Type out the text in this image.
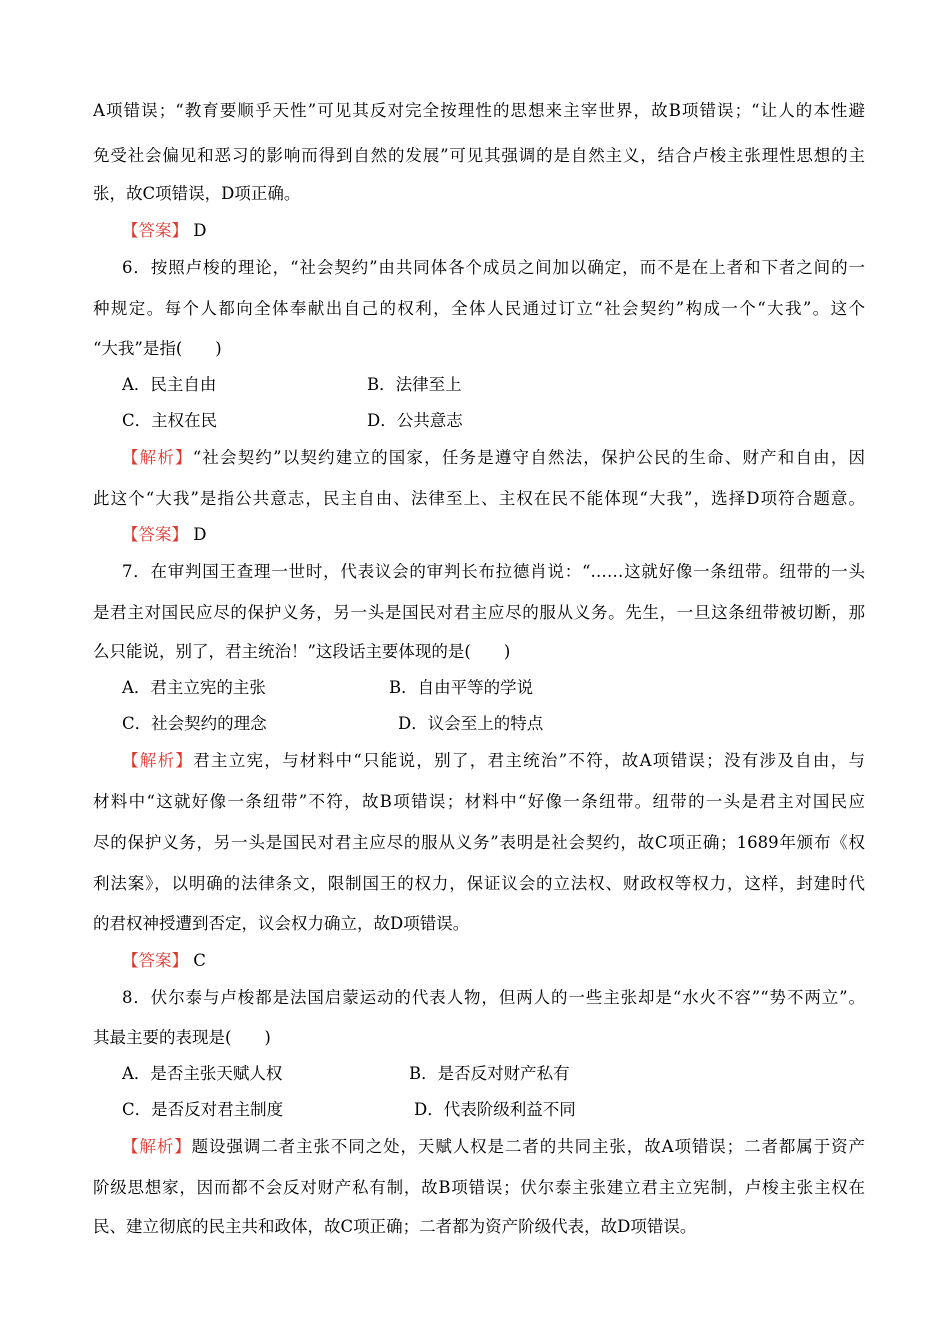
A项错误；“教育要顺乎天性”可见其反对完全按理性的思想来主宰世界，故B项错误；“让人的本性避
免受社会偏见和恶习的影响而得到自然的发展”可见其强调的是自然主义，结合卢梭主张理性思想的主
张，故C项错误，D项正确。
【答案】 D
6．按照卢梭的理论，“社会契约”由共同体各个成员之间加以确定，而不是在上者和下者之间的一
种规定。每个人都向全体奉献出自己的权利，全体人民通过订立“社会契约”构成一个“大我”。这个
“大我”是指(　　)
A．民主自由	B．法律至上
C．主权在民	D．公共意志
【解析】“社会契约”以契约建立的国家，任务是遵守自然法，保护公民的生命、财产和自由，因
此这个“大我”是指公共意志，民主自由、法律至上、主权在民不能体现“大我”，选择D项符合题意。
【答案】 D
7．在审判国王查理一世时，代表议会的审判长布拉德肖说：“……这就好像一条纽带。纽带的一头
是君主对国民应尽的保护义务，另一头是国民对君主应尽的服从义务。先生，一旦这条纽带被切断，那
么只能说，别了，君主统治！”这段话主要体现的是(　　)
A．君主立宪的主张	B．自由平等的学说
C．社会契约的理念	D．议会至上的特点
【解析】君主立宪，与材料中“只能说，别了，君主统治”不符，故A项错误；没有涉及自由，与
材料中“这就好像一条纽带”不符，故B项错误；材料中“好像一条纽带。纽带的一头是君主对国民应
尽的保护义务，另一头是国民对君主应尽的服从义务”表明是社会契约，故C项正确；1689年颁布《权
利法案》，以明确的法律条文，限制国王的权力，保证议会的立法权、财政权等权力，这样，封建时代
的君权神授遭到否定，议会权力确立，故D项错误。
【答案】 C
8．伏尔泰与卢梭都是法国启蒙运动的代表人物，但两人的一些主张却是“水火不容”“势不两立”。
其最主要的表现是(　　)
A．是否主张天赋人权	B．是否反对财产私有
C．是否反对君主制度	D．代表阶级利益不同
【解析】题设强调二者主张不同之处，天赋人权是二者的共同主张，故A项错误；二者都属于资产
阶级思想家，因而都不会反对财产私有制，故B项错误；伏尔泰主张建立君主立宪制，卢梭主张主权在
民、建立彻底的民主共和政体，故C项正确；二者都为资产阶级代表，故D项错误。
